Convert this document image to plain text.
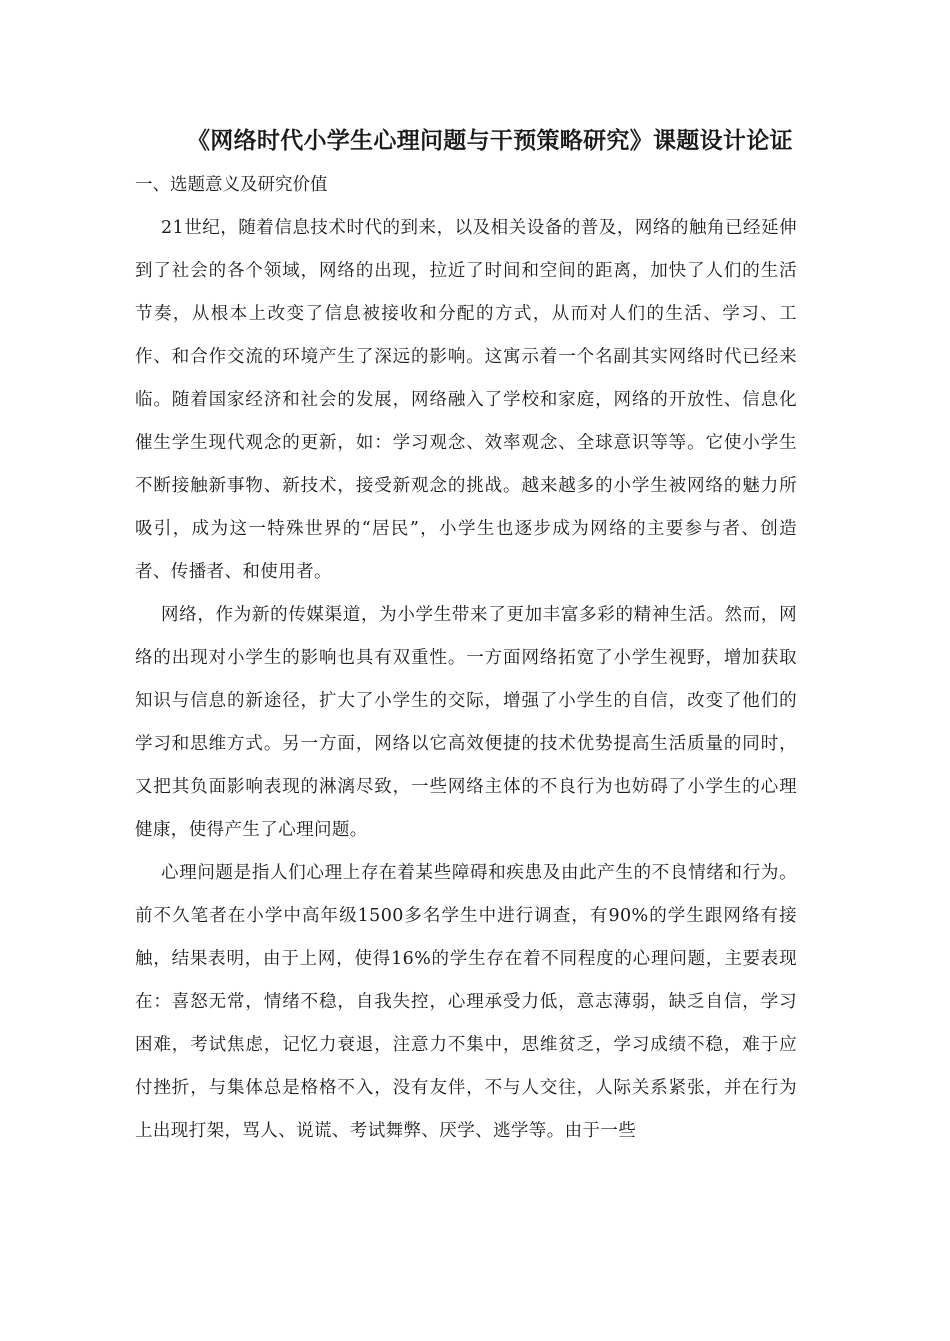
《网络时代小学生心理问题与干预策略研究》课题设计论证
一、选题意义及研究价值

21世纪，随着信息技术时代的到来，以及相关设备的普及，网络的触角已经延伸到了社会的各个领域，网络的出现，拉近了时间和空间的距离，加快了人们的生活节奏，从根本上改变了信息被接收和分配的方式，从而对人们的生活、学习、工作、和合作交流的环境产生了深远的影响。这寓示着一个名副其实网络时代已经来临。随着国家经济和社会的发展，网络融入了学校和家庭，网络的开放性、信息化催生学生现代观念的更新，如：学习观念、效率观念、全球意识等等。它使小学生不断接触新事物、新技术，接受新观念的挑战。越来越多的小学生被网络的魅力所吸引，成为这一特殊世界的“居民”，小学生也逐步成为网络的主要参与者、创造者、传播者、和使用者。

网络，作为新的传媒渠道，为小学生带来了更加丰富多彩的精神生活。然而，网络的出现对小学生的影响也具有双重性。一方面网络拓宽了小学生视野，增加获取知识与信息的新途径，扩大了小学生的交际，增强了小学生的自信，改变了他们的学习和思维方式。另一方面，网络以它高效便捷的技术优势提高生活质量的同时，又把其负面影响表现的淋漓尽致，一些网络主体的不良行为也妨碍了小学生的心理健康，使得产生了心理问题。

心理问题是指人们心理上存在着某些障碍和疾患及由此产生的不良情绪和行为。前不久笔者在小学中高年级1500多名学生中进行调查，有90%的学生跟网络有接触，结果表明，由于上网，使得16%的学生存在着不同程度的心理问题，主要表现在：喜怒无常，情绪不稳，自我失控，心理承受力低，意志薄弱，缺乏自信，学习困难，考试焦虑，记忆力衰退，注意力不集中，思维贫乏，学习成绩不稳，难于应付挫折，与集体总是格格不入，没有友伴，不与人交往，人际关系紧张，并在行为上出现打架，骂人、说谎、考试舞弊、厌学、逃学等。由于一些
